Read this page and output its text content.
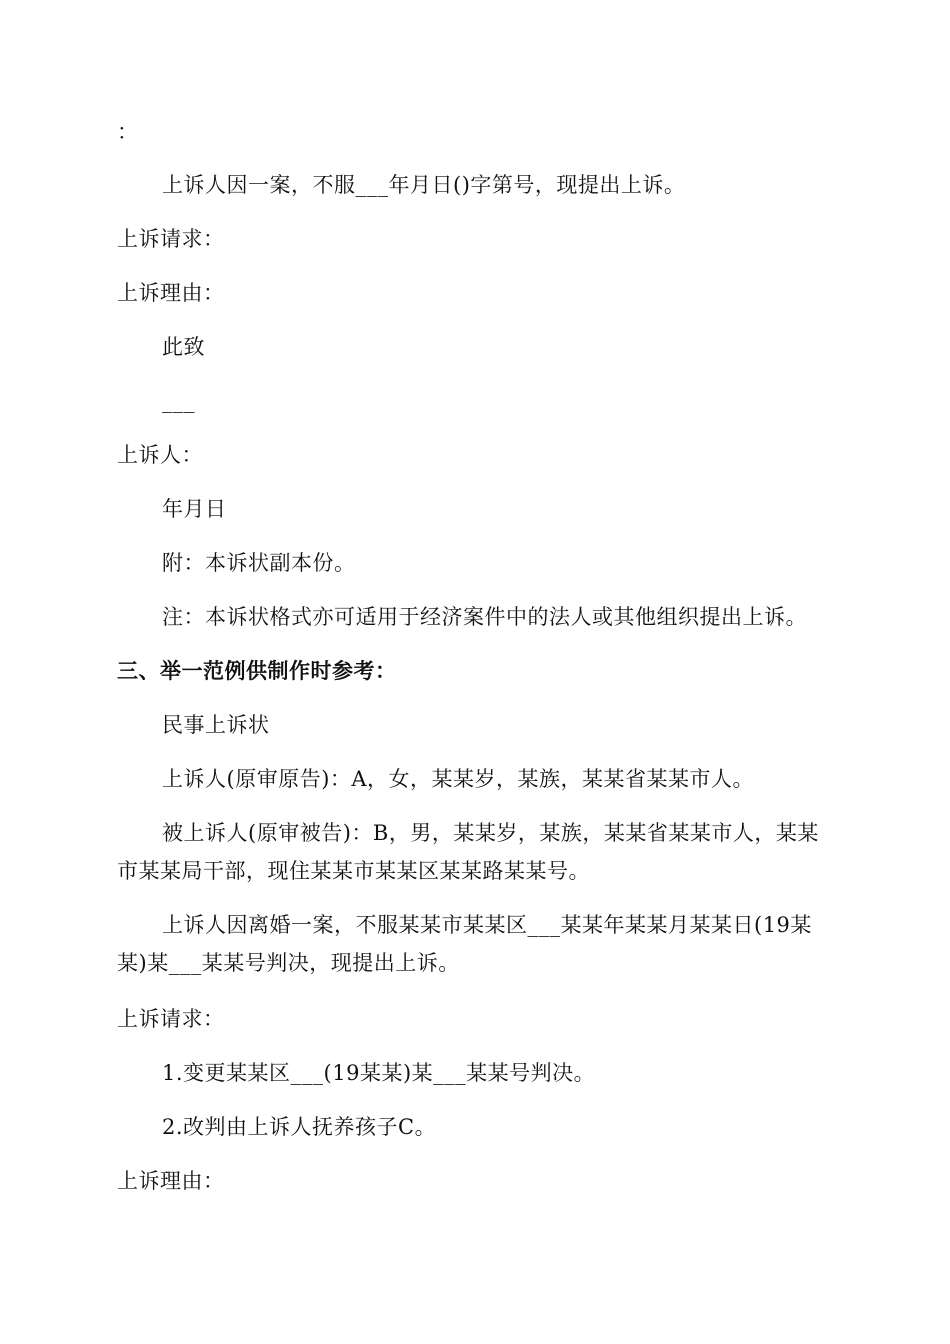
：
上诉人因一案，不服___年月日()字第号，现提出上诉。
上诉请求：
上诉理由：
此致
___
上诉人：
年月日
附：本诉状副本份。
注：本诉状格式亦可适用于经济案件中的法人或其他组织提出上诉。
三、举一范例供制作时参考：
民事上诉状
上诉人(原审原告)：A，女，某某岁，某族，某某省某某市人。
被上诉人(原审被告)：B，男，某某岁，某族，某某省某某市人，某某市某某局干部，现住某某市某某区某某路某某号。
上诉人因离婚一案，不服某某市某某区___某某年某某月某某日(19某某)某___某某号判决，现提出上诉。
上诉请求：
1.变更某某区___(19某某)某___某某号判决。
2.改判由上诉人抚养孩子C。
上诉理由：
